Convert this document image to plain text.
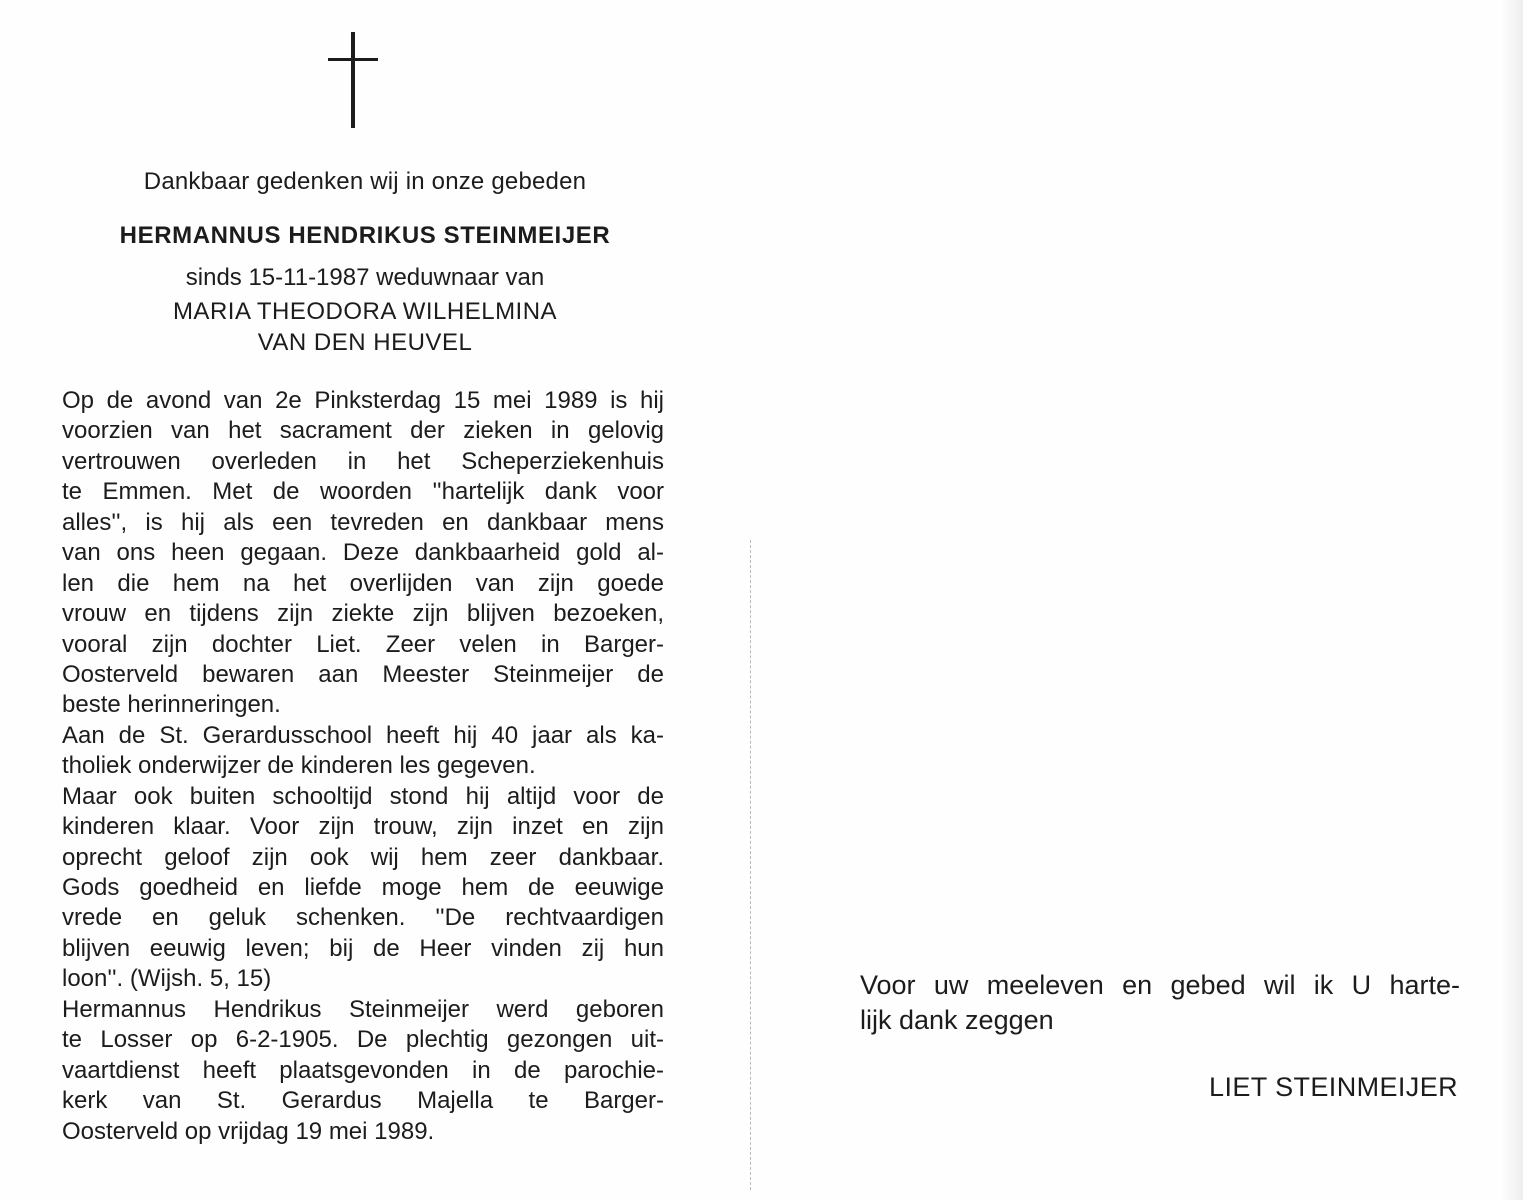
Dankbaar gedenken wij in onze gebeden
HERMANNUS HENDRIKUS STEINMEIJER
sinds 15-11-1987 weduwnaar van
MARIA THEODORA WILHELMINA
VAN DEN HEUVEL
Op de avond van 2e Pinksterdag 15 mei 1989 is hij
voorzien van het sacrament der zieken in gelovig
vertrouwen overleden in het Scheperziekenhuis
te Emmen. Met de woorden ''hartelijk dank voor
alles'', is hij als een tevreden en dankbaar mens
van ons heen gegaan. Deze dankbaarheid gold al-
len die hem na het overlijden van zijn goede
vrouw en tijdens zijn ziekte zijn blijven bezoeken,
vooral zijn dochter Liet. Zeer velen in Barger-
Oosterveld bewaren aan Meester Steinmeijer de
beste herinneringen.
Aan de St. Gerardusschool heeft hij 40 jaar als ka-
tholiek onderwijzer de kinderen les gegeven.
Maar ook buiten schooltijd stond hij altijd voor de
kinderen klaar. Voor zijn trouw, zijn inzet en zijn
oprecht geloof zijn ook wij hem zeer dankbaar.
Gods goedheid en liefde moge hem de eeuwige
vrede en geluk schenken. ''De rechtvaardigen
blijven eeuwig leven; bij de Heer vinden zij hun
loon''. (Wijsh. 5, 15)
Hermannus Hendrikus Steinmeijer werd geboren
te Losser op 6-2-1905. De plechtig gezongen uit-
vaartdienst heeft plaatsgevonden in de parochie-
kerk van St. Gerardus Majella te Barger-
Oosterveld op vrijdag 19 mei 1989.
Voor uw meeleven en gebed wil ik U harte-
lijk dank zeggen
LIET STEINMEIJER
